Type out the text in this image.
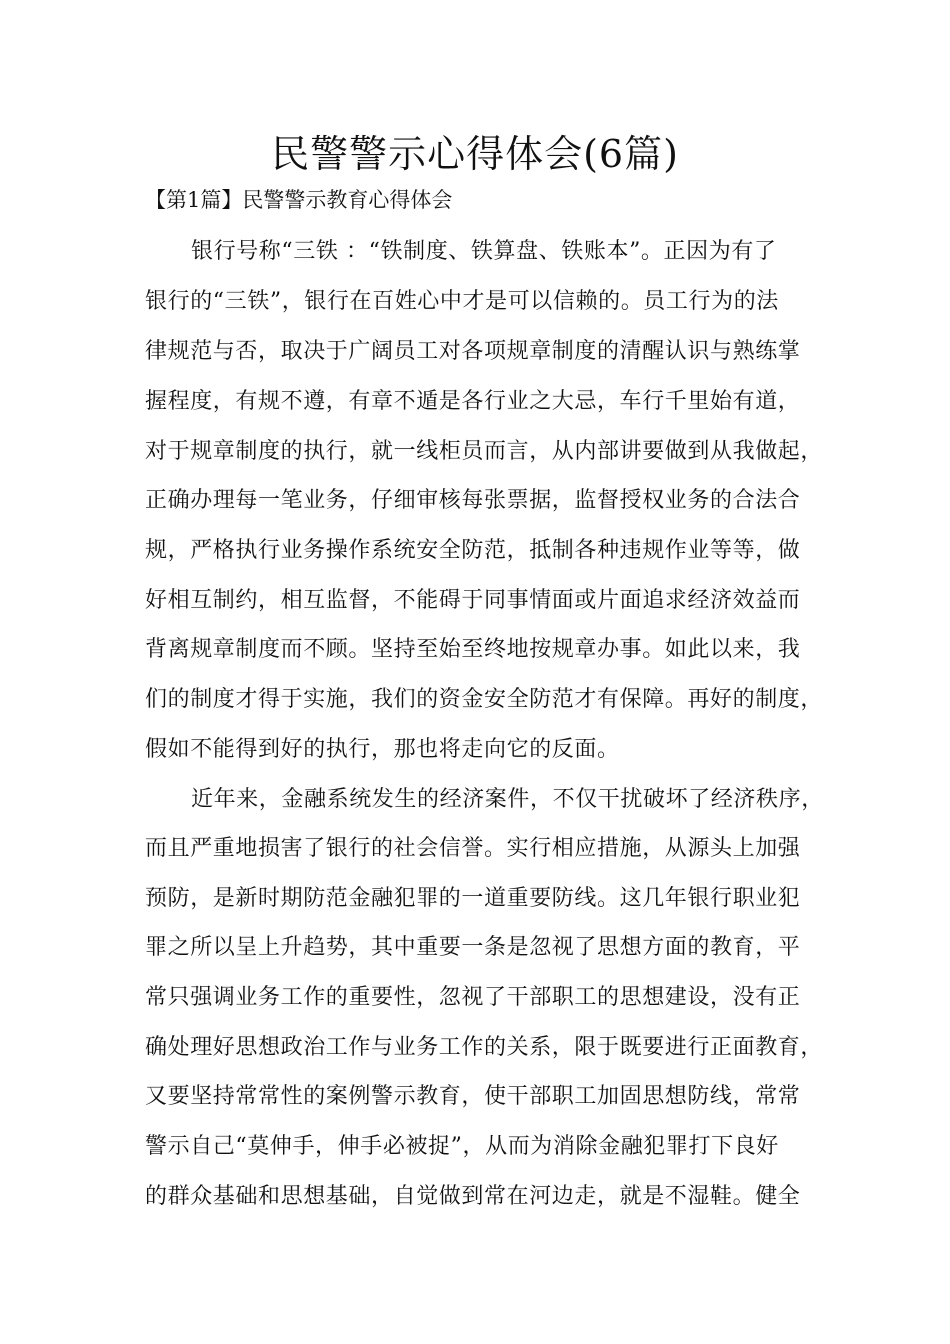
民警警示心得体会(6篇)
【第1篇】民警警示教育心得体会
银行号称“三铁 ：“铁制度、铁算盘、铁账本”。正因为有了
银行的“三铁”，银行在百姓心中才是可以信赖的。员工行为的法
律规范与否，取决于广阔员工对各项规章制度的清醒认识与熟练掌
握程度，有规不遵，有章不遁是各行业之大忌，车行千里始有道，
对于规章制度的执行，就一线柜员而言，从内部讲要做到从我做起，
正确办理每一笔业务，仔细审核每张票据，监督授权业务的合法合
规，严格执行业务操作系统安全防范，抵制各种违规作业等等，做
好相互制约，相互监督，不能碍于同事情面或片面追求经济效益而
背离规章制度而不顾。坚持至始至终地按规章办事。如此以来，我
们的制度才得于实施，我们的资金安全防范才有保障。再好的制度，
假如不能得到好的执行，那也将走向它的反面。
近年来，金融系统发生的经济案件，不仅干扰破坏了经济秩序，
而且严重地损害了银行的社会信誉。实行相应措施，从源头上加强
预防，是新时期防范金融犯罪的一道重要防线。这几年银行职业犯
罪之所以呈上升趋势，其中重要一条是忽视了思想方面的教育，平
常只强调业务工作的重要性，忽视了干部职工的思想建设，没有正
确处理好思想政治工作与业务工作的关系，限于既要进行正面教育，
又要坚持常常性的案例警示教育，使干部职工加固思想防线，常常
警示自己“莫伸手，伸手必被捉”，从而为消除金融犯罪打下良好
的群众基础和思想基础，自觉做到常在河边走，就是不湿鞋。健全
